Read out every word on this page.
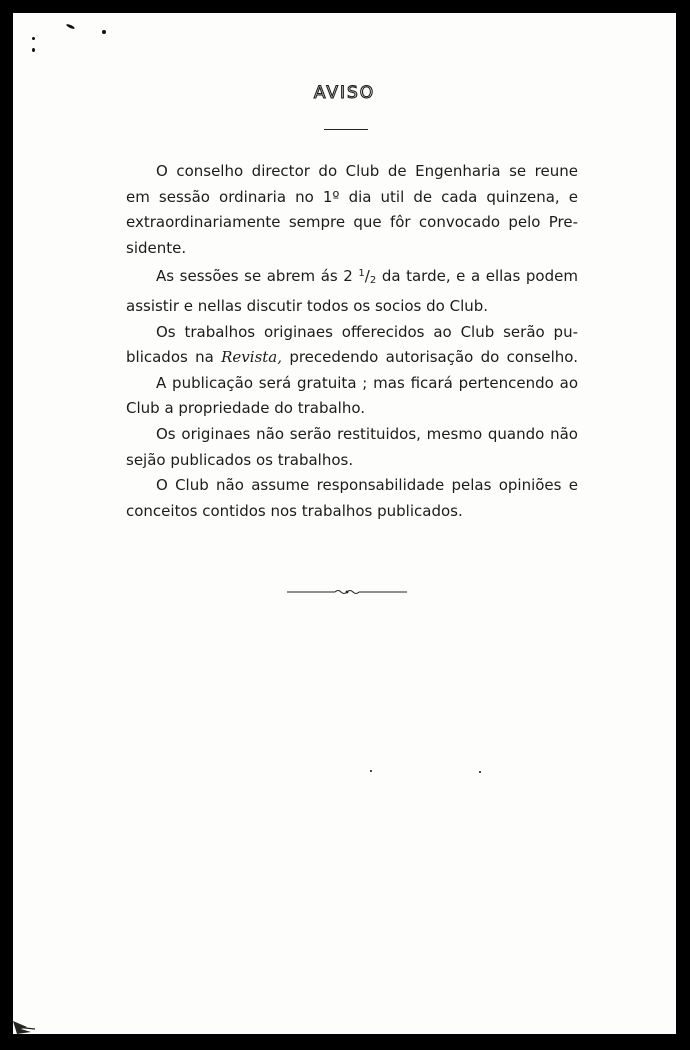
AVISO
O conselho director do Club de Engenharia se reune
em sessão ordinaria no 1º dia util de cada quinzena, e
extraordinariamente sempre que fôr convocado pelo Pre-
sidente.
As sessões se abrem ás 2 $^1$/2 da tarde, e a ellas podem
assistir e nellas discutir todos os socios do Club.
Os trabalhos originaes offerecidos ao Club serão pu-
blicados na Revista, precedendo autorisação do conselho.
A publicação será gratuita ; mas ficará pertencendo ao
Club a propriedade do trabalho.
Os originaes não serão restituidos, mesmo quando não
sejão publicados os trabalhos.
O Club não assume responsabilidade pelas opiniões e
conceitos contidos nos trabalhos publicados.
